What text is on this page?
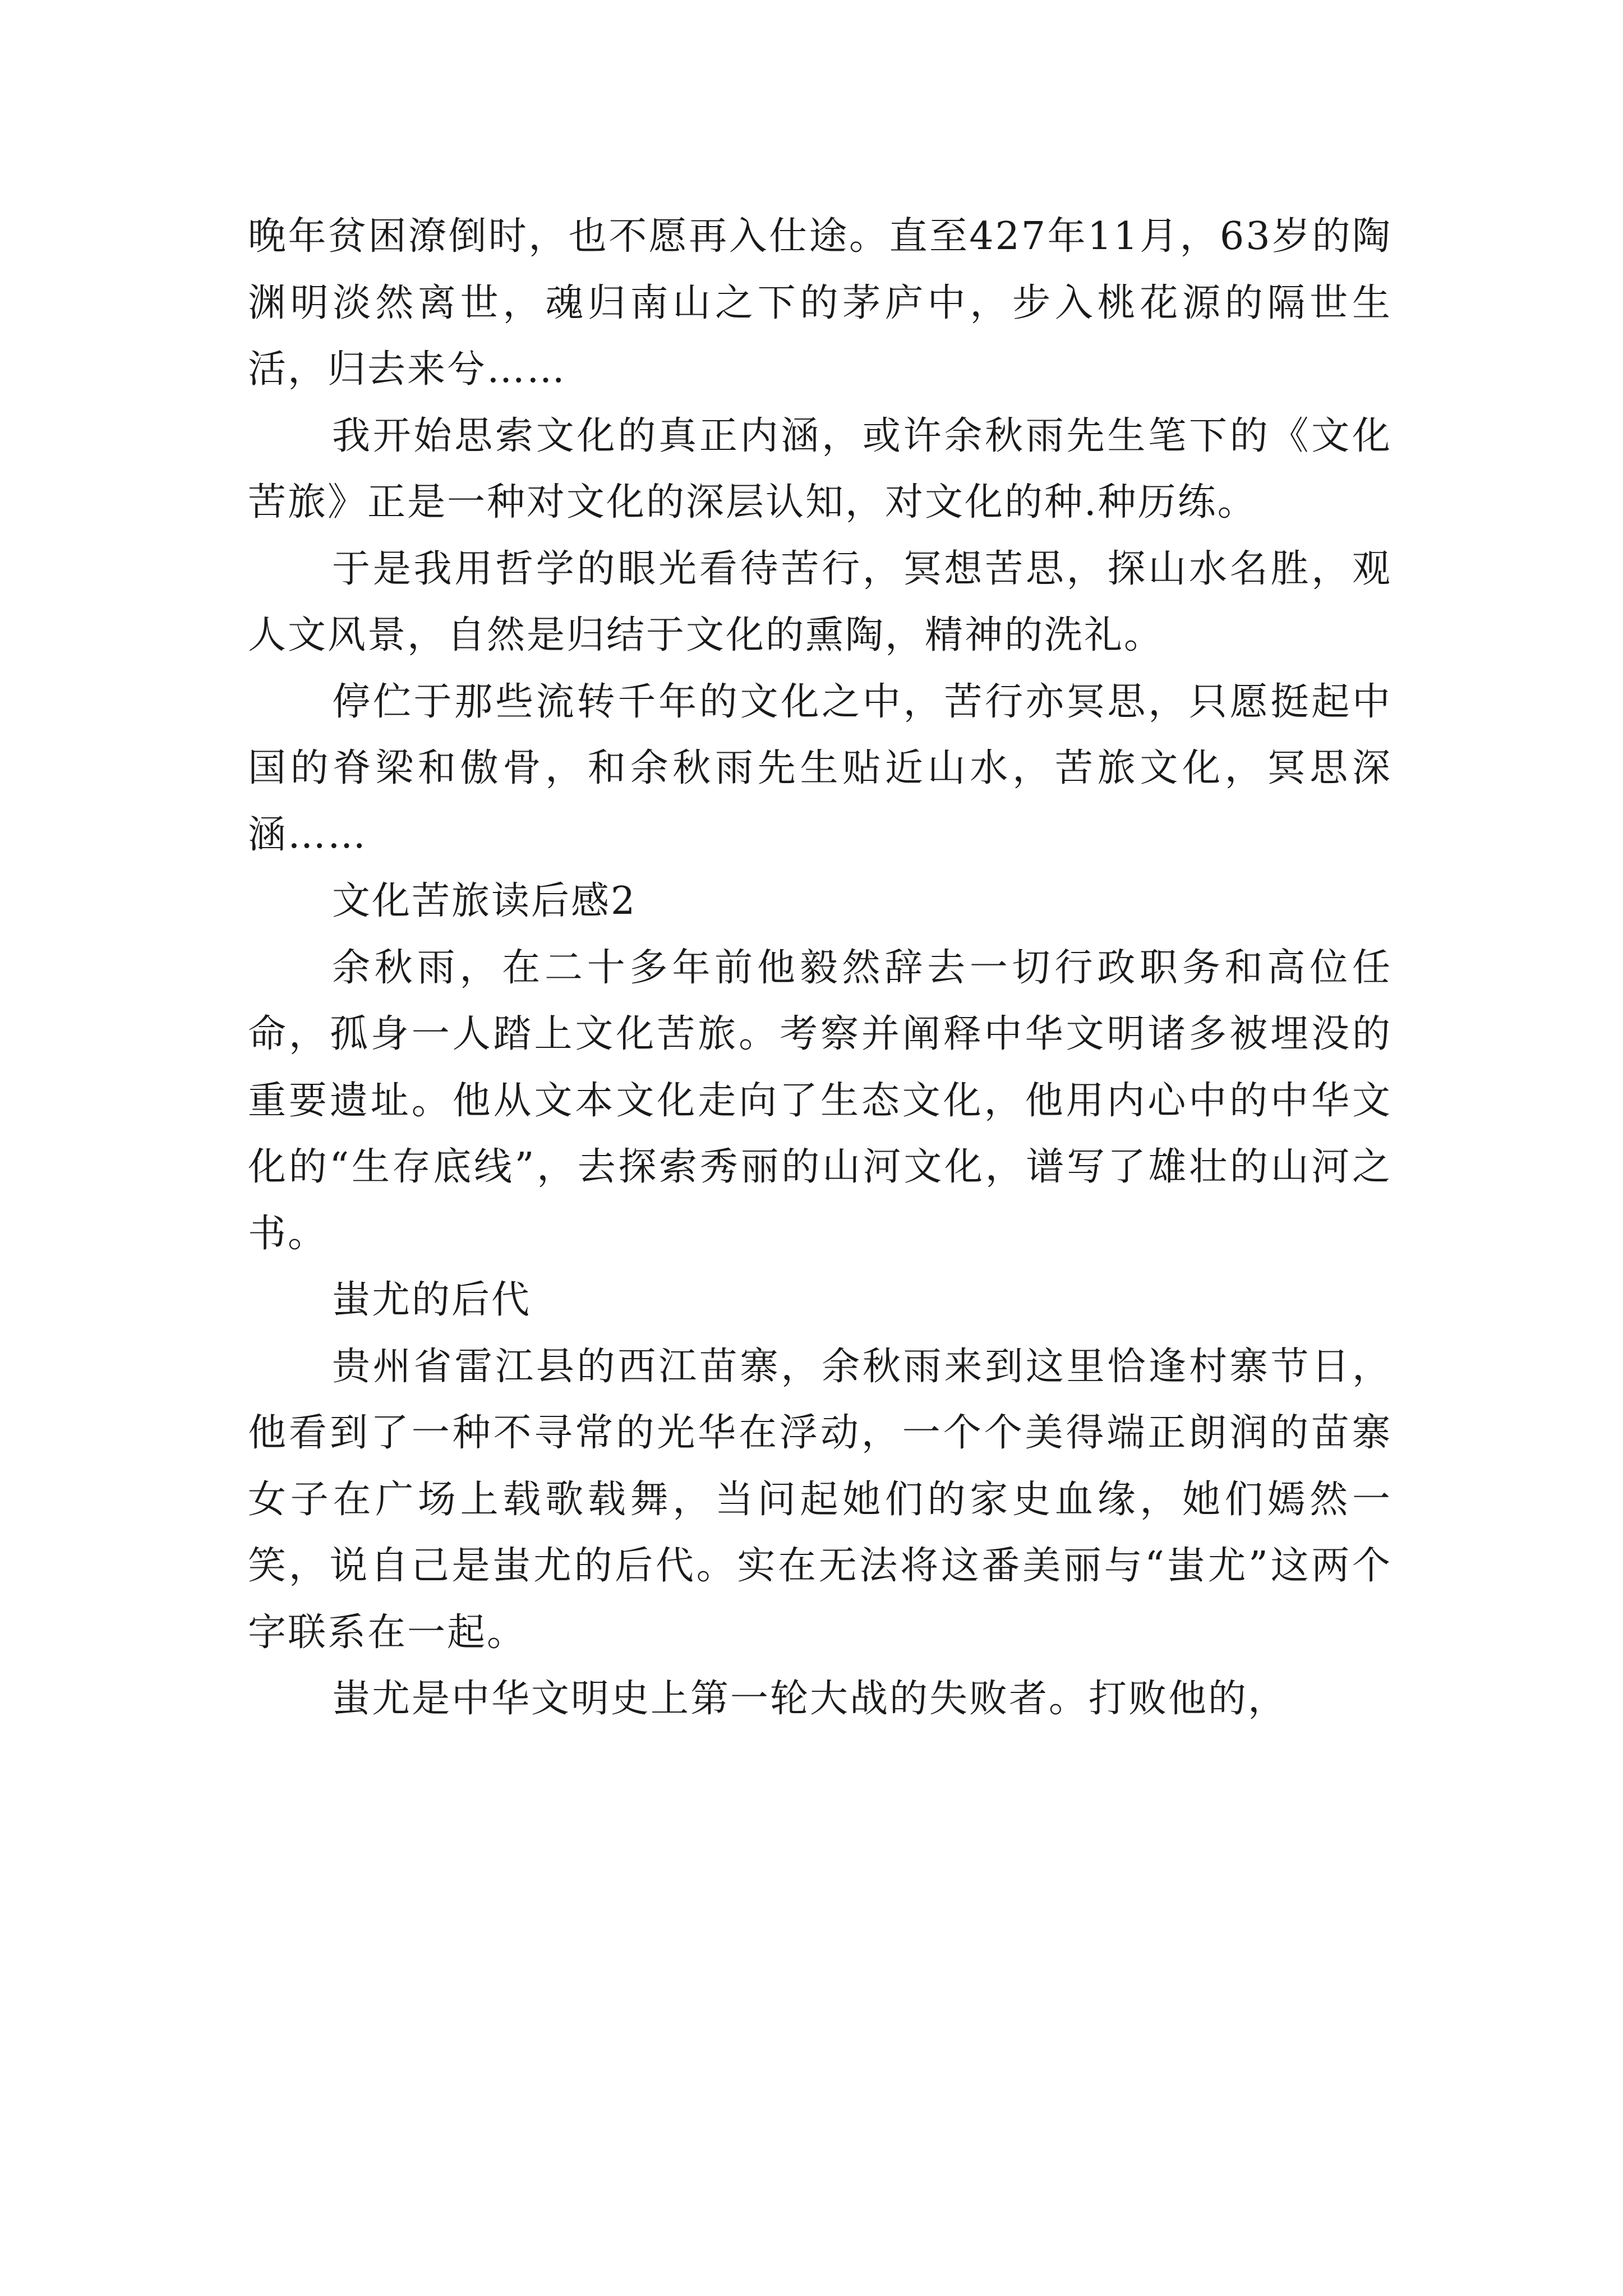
晚年贫困潦倒时，也不愿再入仕途。直至427年11月，63岁的陶渊明淡然离世，魂归南山之下的茅庐中，步入桃花源的隔世生活，归去来兮……

我开始思索文化的真正内涵，或许余秋雨先生笔下的《文化苦旅》正是一种对文化的深层认知，对文化的种.种历练。

于是我用哲学的眼光看待苦行，冥想苦思，探山水名胜，观人文风景，自然是归结于文化的熏陶，精神的洗礼。

停伫于那些流转千年的文化之中，苦行亦冥思，只愿挺起中国的脊梁和傲骨，和余秋雨先生贴近山水，苦旅文化，冥思深涵……

文化苦旅读后感2

余秋雨，在二十多年前他毅然辞去一切行政职务和高位任命，孤身一人踏上文化苦旅。考察并阐释中华文明诸多被埋没的重要遗址。他从文本文化走向了生态文化，他用内心中的中华文化的“生存底线”，去探索秀丽的山河文化，谱写了雄壮的山河之书。

蚩尤的后代

贵州省雷江县的西江苗寨，余秋雨来到这里恰逢村寨节日，他看到了一种不寻常的光华在浮动，一个个美得端正朗润的苗寨女子在广场上载歌载舞，当问起她们的家史血缘，她们嫣然一笑，说自己是蚩尤的后代。实在无法将这番美丽与“蚩尤”这两个字联系在一起。

蚩尤是中华文明史上第一轮大战的失败者。打败他的，
